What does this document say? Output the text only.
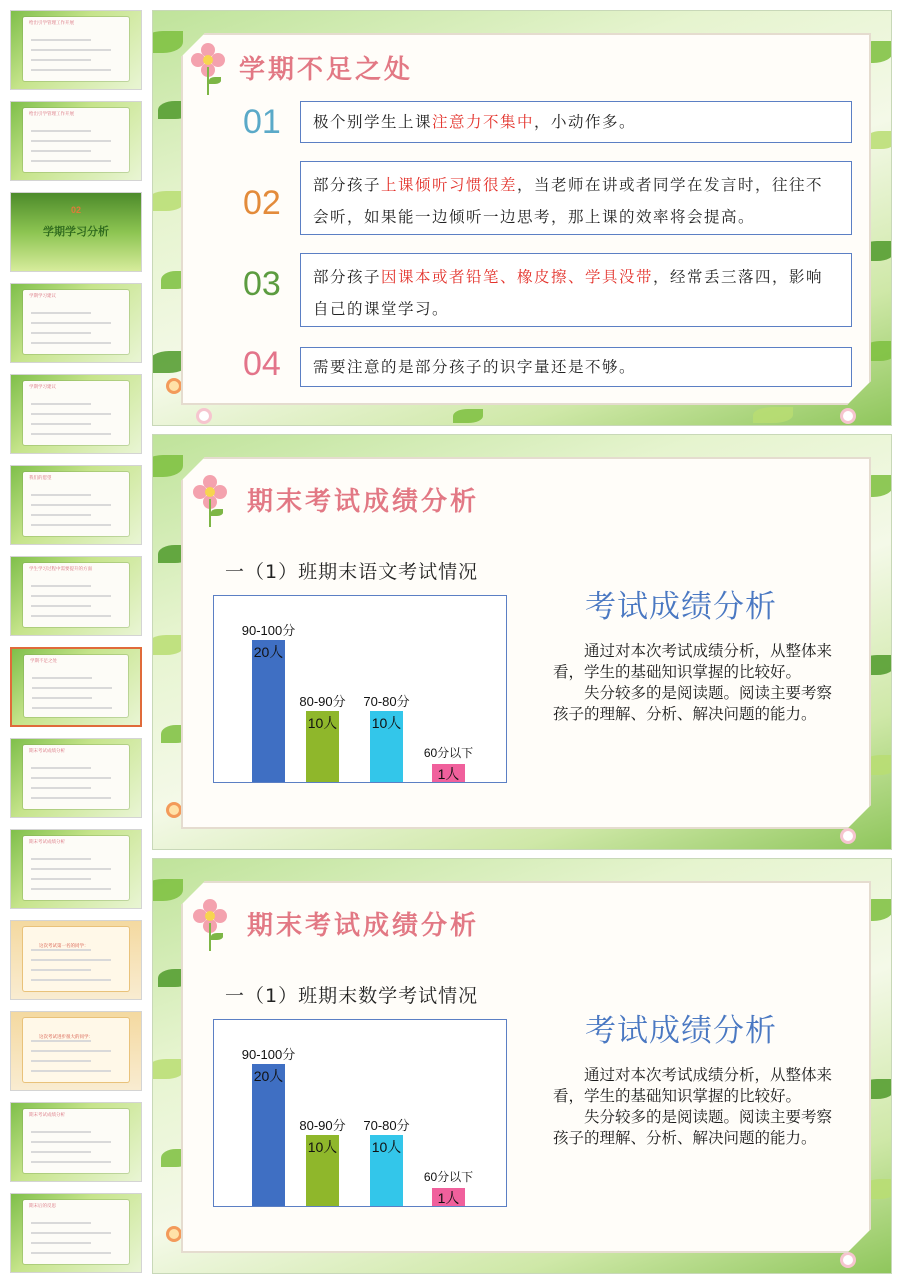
给出引学管理工作开展
给出引学管理工作开展
学期学习分析
02
学期学习建议
学期学习建议
我们的愿望
学生学习过程中需要提升的方面
学期不足之处
期末考试成绩分析
期末考试成绩分析
这次考试第一名的同学：
这次考试进步很大的同学：
期末考试成绩分析
期末后的反思
学期不足之处
01	极个别学生上课注意力不集中，小动作多。
02	部分孩子上课倾听习惯很差，当老师在讲或者同学在发言时，往往不会听，如果能一边倾听一边思考，那上课的效率将会提高。
03	部分孩子因课本或者铅笔、橡皮擦、学具没带，经常丢三落四，影响自己的课堂学习。
04	需要注意的是部分孩子的识字量还是不够。
期末考试成绩分析
一（1）班期末语文考试情况
20人
90-100分
10人
80-90分
10人
70-80分
1人
60分以下
考试成绩分析

通过对本次考试成绩分析，从整体来看，学生的基础知识掌握的比较好。

失分较多的是阅读题。阅读主要考察孩子的理解、分析、解决问题的能力。

期末考试成绩分析
一（1）班期末数学考试情况
20人
90-100分
10人
80-90分
10人
70-80分
1人
60分以下
考试成绩分析

通过对本次考试成绩分析，从整体来看，学生的基础知识掌握的比较好。

失分较多的是阅读题。阅读主要考察孩子的理解、分析、解决问题的能力。
